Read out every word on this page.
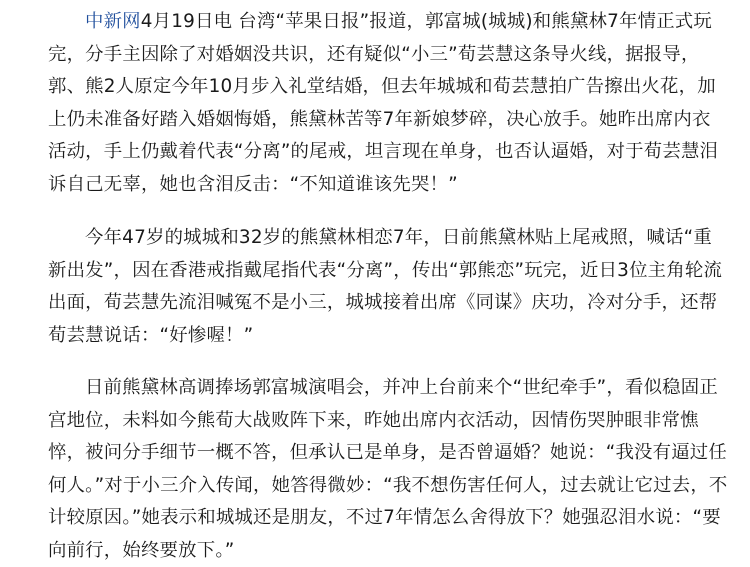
中新网4月19日电 台湾“苹果日报”报道，郭富城(城城)和熊黛林7年情正式玩完，分手主因除了对婚姻没共识，还有疑似“小三”荀芸慧这条导火线，据报导，郭、熊2人原定今年10月步入礼堂结婚，但去年城城和荀芸慧拍广告擦出火花，加上仍未准备好踏入婚姻悔婚，熊黛林苦等7年新娘梦碎，决心放手。她昨出席内衣活动，手上仍戴着代表“分离”的尾戒，坦言现在单身，也否认逼婚，对于荀芸慧泪诉自己无辜，她也含泪反击：“不知道谁该先哭！”

今年47岁的城城和32岁的熊黛林相恋7年，日前熊黛林贴上尾戒照，喊话“重新出发”，因在香港戒指戴尾指代表“分离”，传出“郭熊恋”玩完，近日3位主角轮流出面，荀芸慧先流泪喊冤不是小三，城城接着出席《同谋》庆功，冷对分手，还帮荀芸慧说话：“好惨喔！”

日前熊黛林高调捧场郭富城演唱会，并冲上台前来个“世纪牵手”，看似稳固正宫地位，未料如今熊荀大战败阵下来，昨她出席内衣活动，因情伤哭肿眼非常憔悴，被问分手细节一概不答，但承认已是单身，是否曾逼婚？她说：“我没有逼过任何人。”对于小三介入传闻，她答得微妙：“我不想伤害任何人，过去就让它过去，不计较原因。”她表示和城城还是朋友，不过7年情怎么舍得放下？她强忍泪水说：“要向前行，始终要放下。”
